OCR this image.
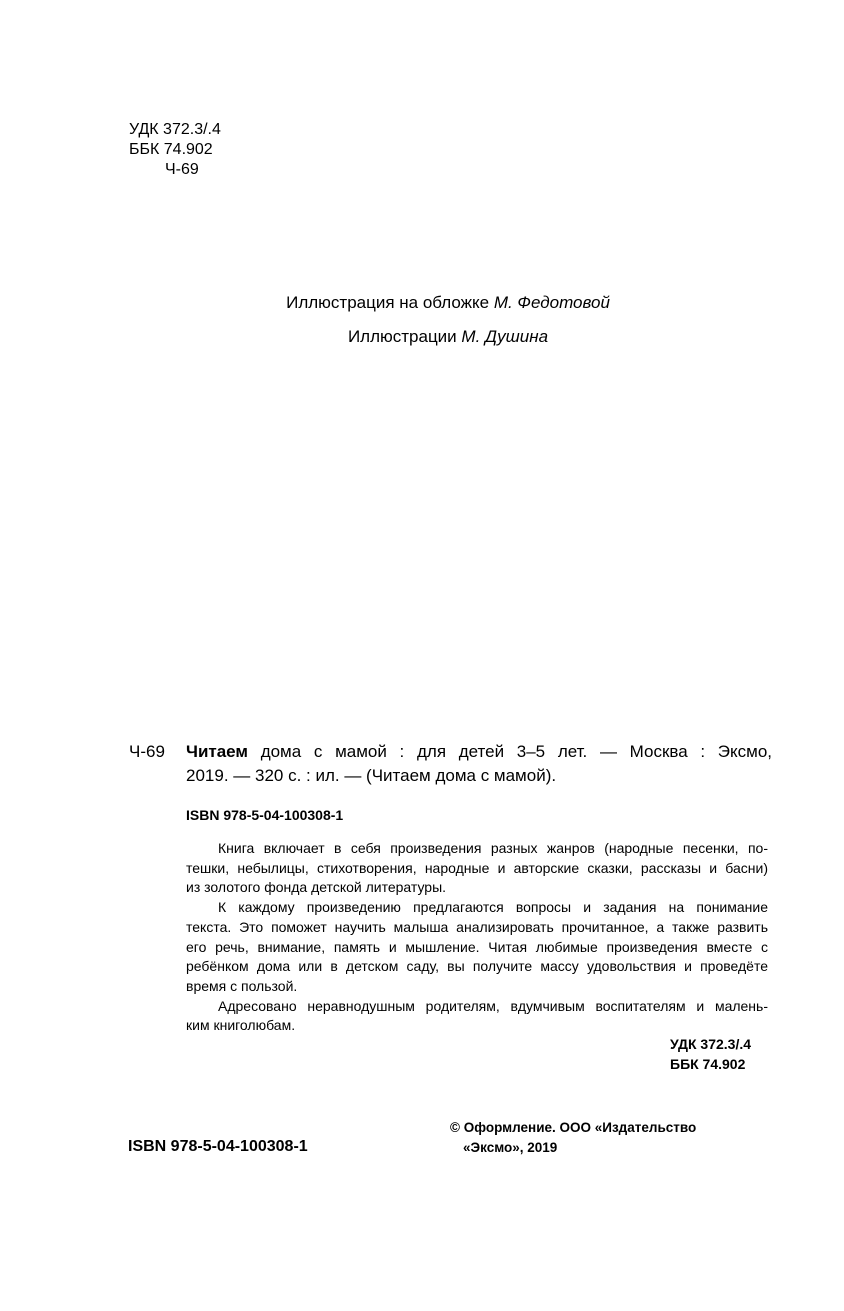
УДК 372.3/.4
ББК 74.902
Ч-69
Иллюстрация на обложке М. Федотовой
Иллюстрации М. Душина
Ч-69 Читаем дома с мамой : для детей 3–5 лет. — Москва : Эксмо,
2019. — 320 с. : ил. — (Читаем дома с мамой).
ISBN 978-5-04-100308-1

Книга включает в себя произведения разных жанров (народные песенки, по-
тешки, небылицы, стихотворения, народные и авторские сказки, рассказы и басни)
из золотого фонда детской литературы.

К каждому произведению предлагаются вопросы и задания на понимание
текста. Это поможет научить малыша анализировать прочитанное, а также развить
его речь, внимание, память и мышление. Читая любимые произведения вместе с
ребёнком дома или в детском саду, вы получите массу удовольствия и проведёте
время с пользой.

Адресовано неравнодушным родителям, вдумчивым воспитателям и малень-
ким книголюбам.

УДК 372.3/.4
ББК 74.902
ISBN 978-5-04-100308-1
© Оформление. ООО «Издательство
«Эксмо», 2019
